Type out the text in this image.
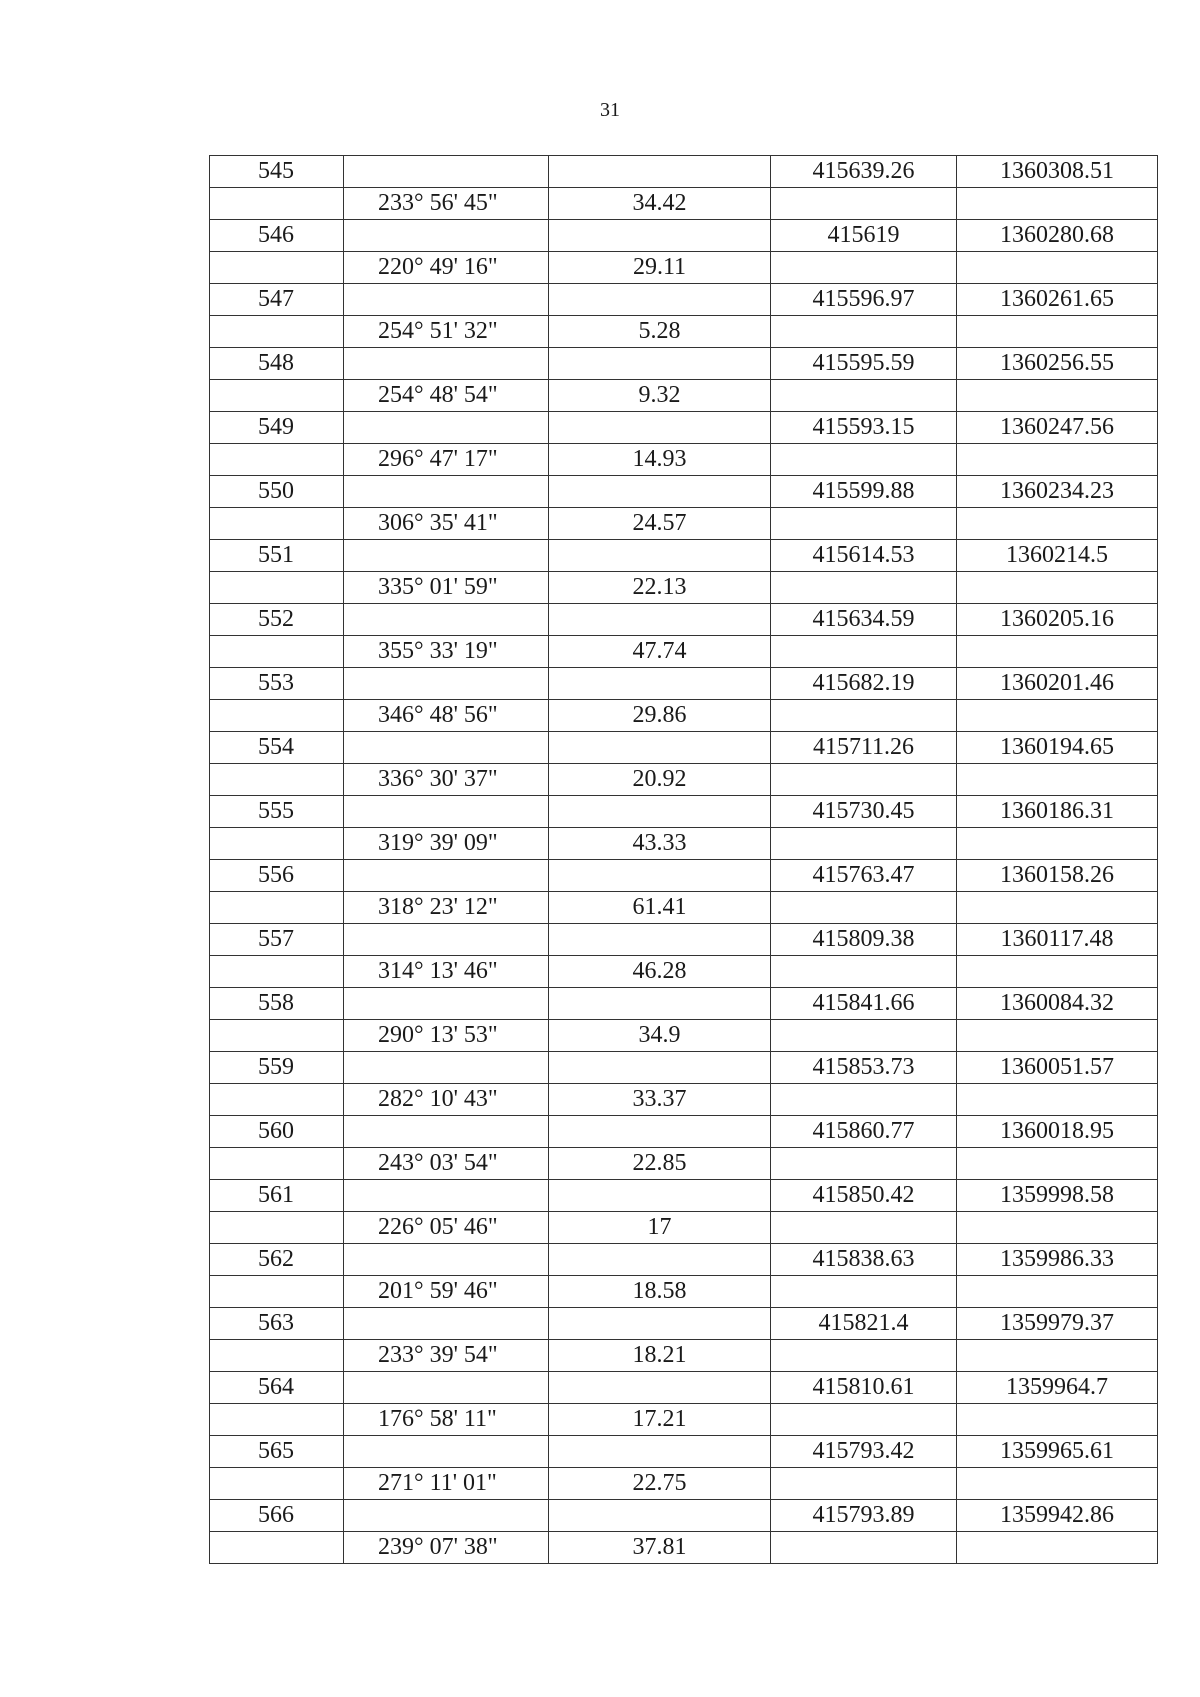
31
545			415639.26	1360308.51
	233° 56' 45"	34.42		
546			415619	1360280.68
	220° 49' 16"	29.11		
547			415596.97	1360261.65
	254° 51' 32"	5.28		
548			415595.59	1360256.55
	254° 48' 54"	9.32		
549			415593.15	1360247.56
	296° 47' 17"	14.93		
550			415599.88	1360234.23
	306° 35' 41"	24.57		
551			415614.53	1360214.5
	335° 01' 59"	22.13		
552			415634.59	1360205.16
	355° 33' 19"	47.74		
553			415682.19	1360201.46
	346° 48' 56"	29.86		
554			415711.26	1360194.65
	336° 30' 37"	20.92		
555			415730.45	1360186.31
	319° 39' 09"	43.33		
556			415763.47	1360158.26
	318° 23' 12"	61.41		
557			415809.38	1360117.48
	314° 13' 46"	46.28		
558			415841.66	1360084.32
	290° 13' 53"	34.9		
559			415853.73	1360051.57
	282° 10' 43"	33.37		
560			415860.77	1360018.95
	243° 03' 54"	22.85		
561			415850.42	1359998.58
	226° 05' 46"	17		
562			415838.63	1359986.33
	201° 59' 46"	18.58		
563			415821.4	1359979.37
	233° 39' 54"	18.21		
564			415810.61	1359964.7
	176° 58' 11"	17.21		
565			415793.42	1359965.61
	271° 11' 01"	22.75		
566			415793.89	1359942.86
	239° 07' 38"	37.81		
